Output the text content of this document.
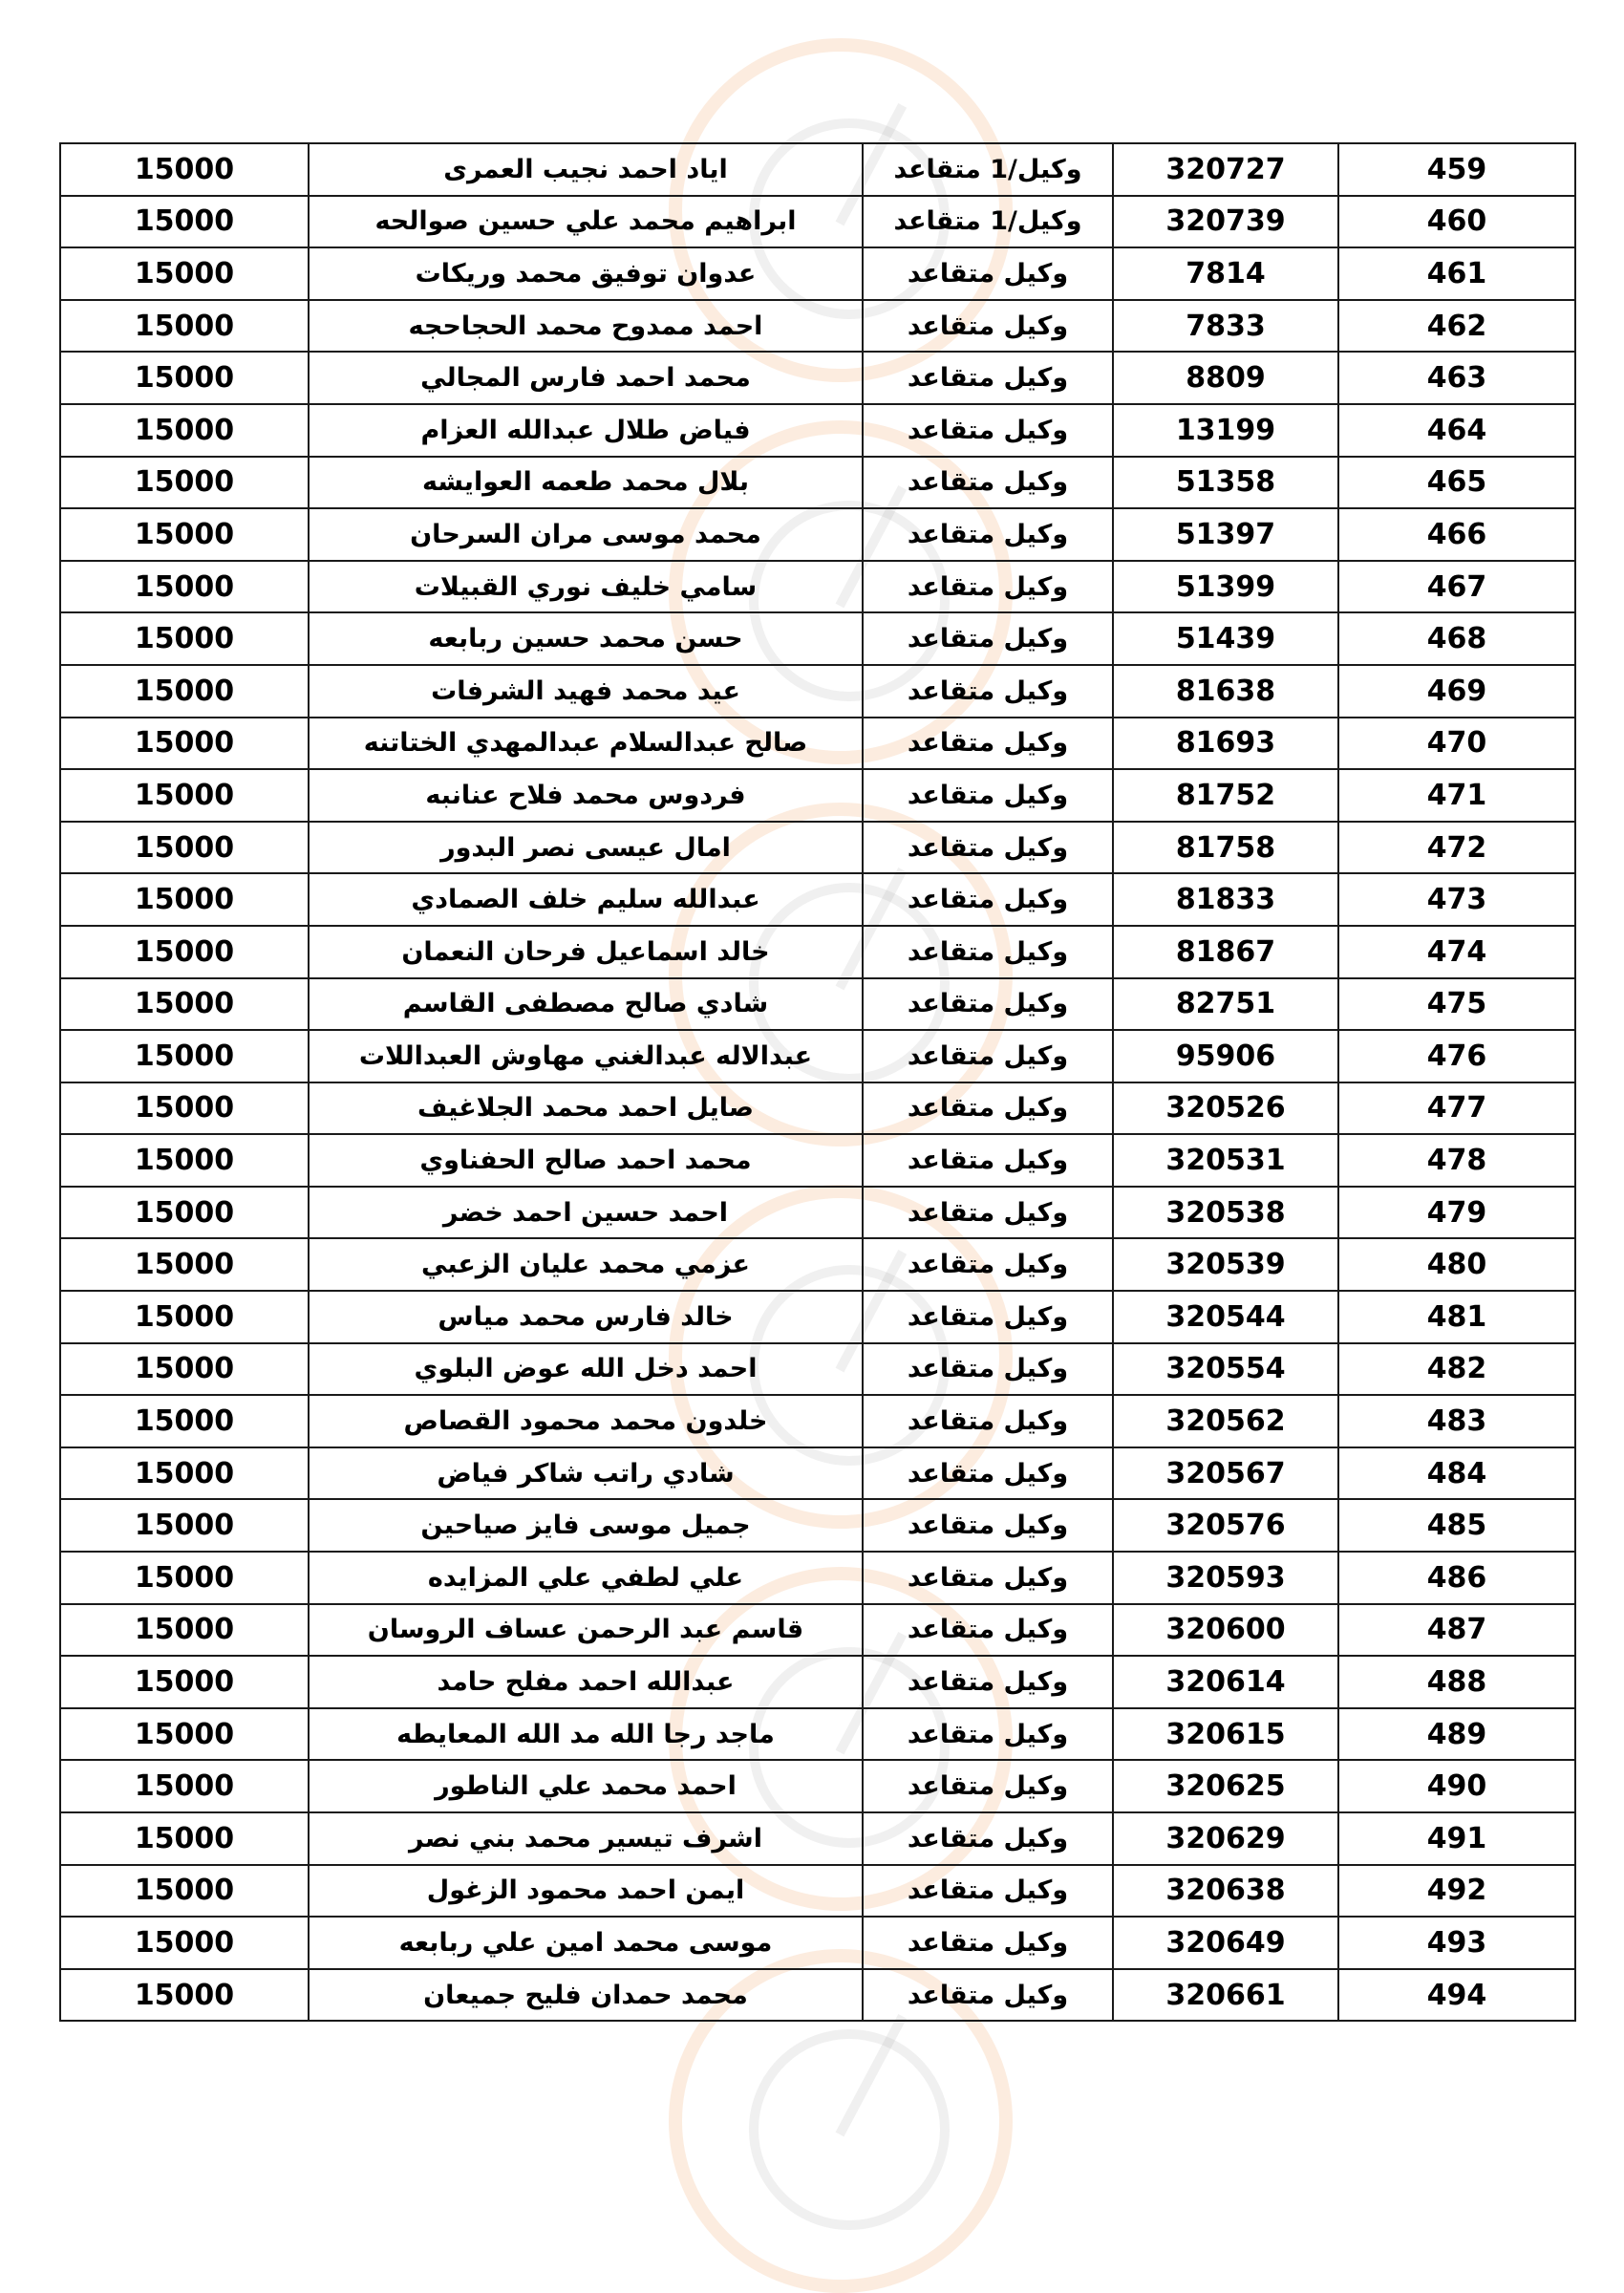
15000	اياد احمد نجيب العمرى	وكيل/1 متقاعد	320727	459
15000	ابراهيم محمد علي حسين صوالحه	وكيل/1 متقاعد	320739	460
15000	عدوان توفيق محمد وريكات	وكيل متقاعد	7814	461
15000	احمد ممدوح محمد الحجاحجه	وكيل متقاعد	7833	462
15000	محمد احمد فارس المجالي	وكيل متقاعد	8809	463
15000	فياض طلال عبدالله العزام	وكيل متقاعد	13199	464
15000	بلال محمد طعمه العوايشه	وكيل متقاعد	51358	465
15000	محمد موسى مران السرحان	وكيل متقاعد	51397	466
15000	سامي خليف نوري القبيلات	وكيل متقاعد	51399	467
15000	حسن محمد حسين ربابعه	وكيل متقاعد	51439	468
15000	عيد محمد فهيد الشرفات	وكيل متقاعد	81638	469
15000	صالح عبدالسلام عبدالمهدي الختاتنه	وكيل متقاعد	81693	470
15000	فردوس محمد فلاح عنانبه	وكيل متقاعد	81752	471
15000	امال عيسى نصر البدور	وكيل متقاعد	81758	472
15000	عبدالله سليم خلف الصمادي	وكيل متقاعد	81833	473
15000	خالد اسماعيل فرحان النعمان	وكيل متقاعد	81867	474
15000	شادي صالح مصطفى القاسم	وكيل متقاعد	82751	475
15000	عبدالاله عبدالغني مهاوش العبداللات	وكيل متقاعد	95906	476
15000	صايل احمد محمد الجلاغيف	وكيل متقاعد	320526	477
15000	محمد احمد صالح الحفناوي	وكيل متقاعد	320531	478
15000	احمد حسين احمد خضر	وكيل متقاعد	320538	479
15000	عزمي محمد عليان الزعبي	وكيل متقاعد	320539	480
15000	خالد فارس محمد مياس	وكيل متقاعد	320544	481
15000	احمد دخل الله عوض البلوي	وكيل متقاعد	320554	482
15000	خلدون محمد محمود القصاص	وكيل متقاعد	320562	483
15000	شادي راتب شاكر فياض	وكيل متقاعد	320567	484
15000	جميل موسى فايز صياحين	وكيل متقاعد	320576	485
15000	علي لطفي علي المزايده	وكيل متقاعد	320593	486
15000	قاسم عبد الرحمن عساف الروسان	وكيل متقاعد	320600	487
15000	عبدالله احمد مفلح حامد	وكيل متقاعد	320614	488
15000	ماجد رجا الله مد الله المعايطه	وكيل متقاعد	320615	489
15000	احمد محمد علي الناطور	وكيل متقاعد	320625	490
15000	اشرف تيسير محمد بني نصر	وكيل متقاعد	320629	491
15000	ايمن احمد محمود الزغول	وكيل متقاعد	320638	492
15000	موسى محمد امين علي ربابعه	وكيل متقاعد	320649	493
15000	محمد حمدان فليح جميعان	وكيل متقاعد	320661	494
